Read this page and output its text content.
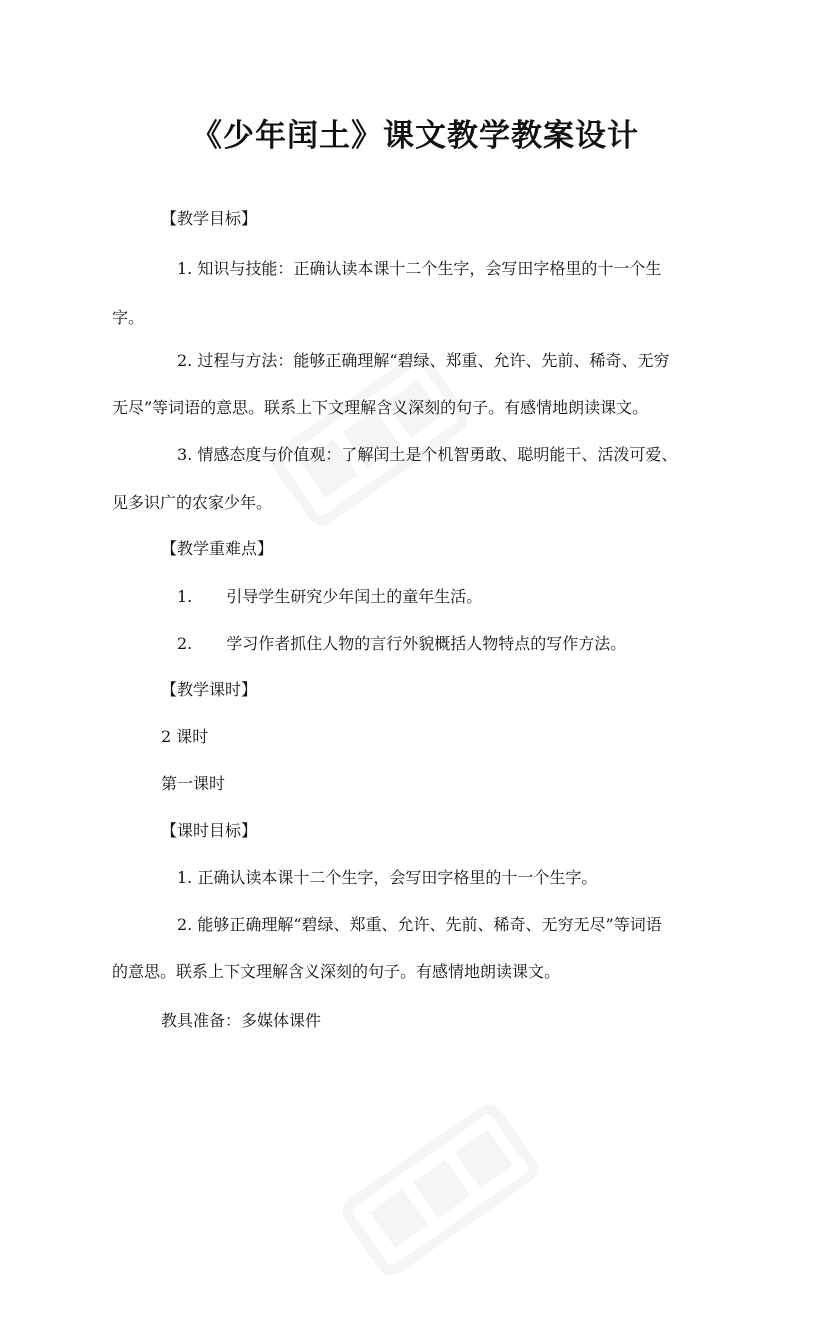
《少年闰土》课文教学教案设计

【教学目标】

1. 知识与技能：正确认读本课十二个生字，会写田字格里的十一个生

字。

2. 过程与方法：能够正确理解“碧绿、郑重、允许、先前、稀奇、无穷

无尽”等词语的意思。联系上下文理解含义深刻的句子。有感情地朗读课文。

3. 情感态度与价值观：了解闰土是个机智勇敢、聪明能干、活泼可爱、

见多识广的农家少年。

【教学重难点】

1. 引导学生研究少年闰土的童年生活。

2. 学习作者抓住人物的言行外貌概括人物特点的写作方法。

【教学课时】

2 课时

第一课时

【课时目标】

1. 正确认读本课十二个生字，会写田字格里的十一个生字。

2. 能够正确理解“碧绿、郑重、允许、先前、稀奇、无穷无尽”等词语

的意思。联系上下文理解含义深刻的句子。有感情地朗读课文。

教具准备：多媒体课件
